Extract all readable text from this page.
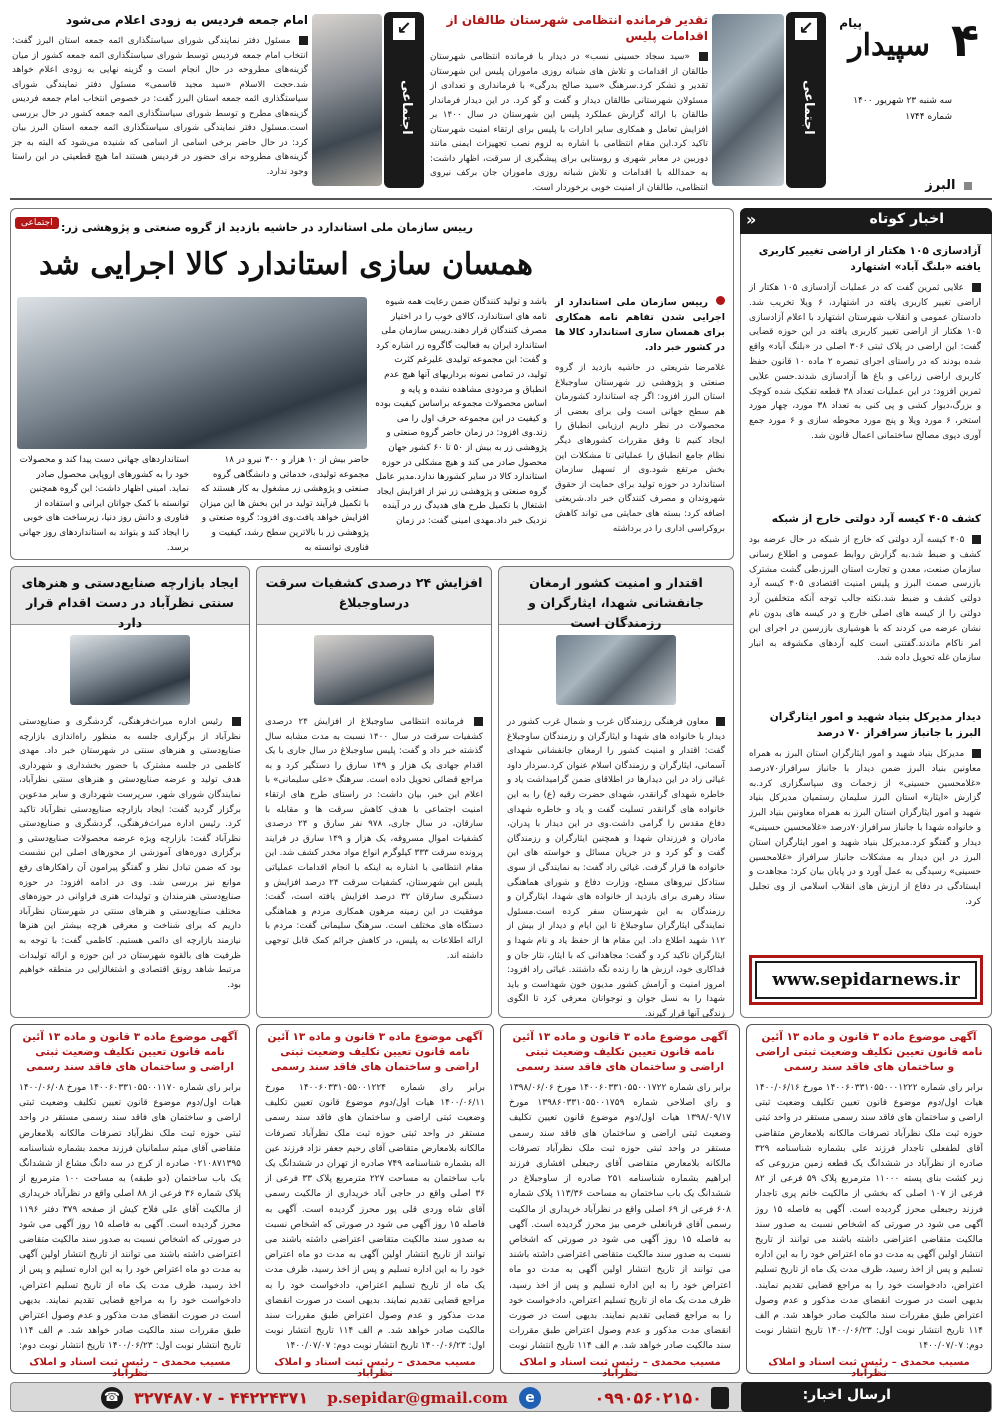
۴
پیام
سپیدار
سه شنبه ۲۳ شهریور ۱۴۰۰
شماره ۱۷۴۴
البرز
↙
اجتماعی
تقدیر فرمانده انتظامی شهرستان طالقان از اقدامات پلیس
«سید سجاد حسینی نسب» در دیدار با فرمانده انتظامی شهرستان طالقان از اقدامات و تلاش های شبانه روزی ماموران پلیس این شهرستان تقدیر و تشکر کرد.سرهنگ «سید صالح بدرگی» با فرمانداری و تعدادی از مسئولان شهرستانی طالقان دیدار و گفت و گو کرد. در این دیدار فرماندار طالقان با ارائه گزارش عملکرد پلیس این شهرستان در سال ۱۴۰۰ بر افزایش تعامل و همکاری سایر ادارات با پلیس برای ارتقاء امنیت شهرستان تاکید کرد.این مقام انتظامی با اشاره به لزوم نصب تجهیزات ایمنی مانند دوربین در معابر شهری و روستایی برای پیشگیری از سرقت، اظهار داشت: به حمدالله با اقدامات و تلاش شبانه روزی ماموران جان برکف نیروی انتظامی، طالقان از امنیت خوبی برخوردار است.
↙
اجتماعی
امام جمعه فردیس به زودی اعلام می‌شود
مسئول دفتر نمایندگی شورای سیاستگذاری ائمه جمعه استان البرز گفت: انتخاب امام جمعه فردیس توسط شورای سیاستگذاری ائمه جمعه کشور از میان گزینه‌های مطروحه در حال انجام است و گزینه نهایی به زودی اعلام خواهد شد.حجت الاسلام «سید مجید قاسمی» مسئول دفتر نمایندگی شورای سیاستگذاری ائمه جمعه استان البرز گفت: در خصوص انتخاب امام جمعه فردیس گزینه‌های مطرح و توسط شورای سیاستگذاری ائمه جمعه کشور در حال بررسی است.مسئول دفتر نمایندگی شورای سیاستگذاری ائمه جمعه استان البرز بیان کرد: در حال حاضر برخی اسامی از اسامی که شنیده می‌شود که البته به جز گزینه‌های مطروحه برای حضور در فردیس هستند اما هیچ قطعیتی در این راستا وجود ندارد.
اخبار کوتاه
«
آزادسازی ۱۰۵ هکتار از اراضی تغییر کاربری یافته «بلنگ آباد» اشتهارد
علایی ثمرین گفت که در عملیات آزادسازی ۱۰۵ هکتار از اراضی تغییر کاربری یافته در اشتهارد، ۶ ویلا تخریب شد. دادستان عمومی و انقلاب شهرستان اشتهارد با اعلام آزادسازی ۱۰۵ هکتار از اراضی تغییر کاربری یافته در این حوزه قضایی گفت: این اراضی در پلاک ثبتی ۳۰۶ اصلی در «بلنگ آباد» واقع شده بودند که در راستای اجرای تبصره ۲ ماده ۱۰ قانون حفظ کاربری اراضی زراعی و باغ ها آزادسازی شدند.حسن علایی ثمرین افزود: در این عملیات تعداد ۳۸ قطعه تفکیک شده کوچک و بزرگ،دیوار کشی و پی کنی به تعداد ۳۸ مورد، چهار مورد استخر، ۶ مورد ویلا و پنج مورد محوطه سازی و ۶ مورد جمع آوری دپوی مصالح ساختمانی اعمال قانون شد.
کشف ۴۰۵ کیسه آرد دولتی خارج از شبکه
۴۰۵ کیسه آرد دولتی که خارج از شبکه در حال عرضه بود کشف و ضبط شد.به گزارش روابط عمومی و اطلاع رسانی سازمان صنعت، معدن و تجارت استان البرز،طی گشت مشترک بازرسی صمت البرز و پلیس امنیت اقتصادی ۴۰۵ کیسه آرد دولتی کشف و ضبط شد.نکته جالب توجه آنکه متخلفین آرد دولتی را از کیسه های اصلی خارج و در کیسه های بدون نام نشان عرضه می کردند که با هوشیاری بازرسین در اجرای این امر ناکام ماندند.گفتنی است کلیه آردهای مکشوفه به انبار سازمان غله تحویل داده شد.
دیدار مدیرکل بنیاد شهید و امور ایثارگران البرز با جانباز سرافراز ۷۰ درصد
مدیرکل بنیاد شهید و امور ایثارگران استان البرز به همراه معاونین بنیاد البرز ضمن دیدار با جانباز سرافراز۷۰درصد «غلامحسین حسینی» از زحمات وی سپاسگزاری کرد.به گزارش «ایثار» استان البرز سلیمان رستمیان مدیرکل بنیاد شهید و امور ایثارگران استان البرز به همراه معاونین بنیاد البرز و خانواده شهدا با جانباز سرافراز۷۰درصد «غلامحسین حسینی» دیدار و گفتگو کرد.مدیرکل بنیاد شهید و امور ایثارگران استان البرز در این دیدار به مشکلات جانباز سرافراز «غلامحسین حسینی» رسیدگی به عمل آورد و در پایان بیان کرد: مجاهدت و ایستادگی در دفاع از ارزش های انقلاب اسلامی از وی تجلیل کرد.
www.sepidarnews.ir
اجتماعی رییس سازمان ملی استاندارد در حاشیه بازدید از گروه صنعتی و پژوهشی زر:
همسان سازی استاندارد کالا اجرایی شد
رییس سازمان ملی استاندارد از اجرایی شدن تفاهم نامه همکاری برای همسان سازی استاندارد کالا ها در کشور خبر داد.
غلامرضا شریعتی در حاشیه بازدید از گروه صنعتی و پژوهشی زر شهرستان ساوجبلاغ استان البرز افزود: اگر چه استاندارد کشورمان هم سطح جهانی است ولی برای بعضی از محصولات در نظر داریم ارزیابی انطباق را ایجاد کنیم تا وفق مقررات کشورهای دیگر نظام جامع انطباق را عملیاتی تا مشکلات این بخش مرتفع شود.وی از تسهیل سازمان استاندارد در حوزه تولید برای حمایت از حقوق شهروندان و مصرف کنندگان خبر داد.شریعتی اضافه کرد: بسته های حمایتی می تواند کاهش بروکراسی اداری را در برداشته
باشد و تولید کنندگان ضمن رعایت همه شیوه نامه های استاندارد، کالای خوب را در اختیار مصرف کنندگان قرار دهند.رییس سازمان ملی استاندارد ایران به فعالیت گاگروه زر اشاره کرد و گفت: این مجموعه تولیدی علیرغم کثرت تولید، در تمامی نمونه برداریهای آنها هیچ عدم انطباق و مردودی مشاهده نشده و پایه و اساس محصولات مجموعه براساس کیفیت بوده و کیفیت در این مجموعه حرف اول را می زند.وی افزود: در زمان حاضر گروه صنعتی و پژوهشی زر به بیش از ۵۰ تا ۶۰ کشور جهان محصول صادر می کند و هیچ مشکلی در حوزه استاندارد کالا در سایر کشورها ندارد.مدیر عامل گروه صنعتی و پژوهشی زر نیز از افزایش ایجاد اشتغال با تکمیل طرح های هدیدگ زر در آینده نزدیک خبر داد.مهدی امینی گفت: در زمان
حاضر بیش از ۱۰ هزار و ۳۰۰ نیرو در ۱۸ مجموعه تولیدی، خدماتی و دانشگاهی گروه صنعتی و پژوهشی زر مشغول به کار هستند که با تکمیل فرآیند تولید در این بخش ها این میزان افزایش خواهد یافت.وی افزود: گروه صنعتی و پژوهشی زر با بالاترین سطح رشد، کیفیت و فناوری توانسته به
استانداردهای جهانی دست پیدا کند و محصولات خود را به کشورهای اروپایی محصول صادر نماید. امینی اظهار داشت: این گروه همچنین توانسته با کمک جوانان ایرانی و استفاده از فناوری و دانش روز دنیا، زیرساخت های خوبی را ایجاد کند و بتواند به استانداردهای روز جهانی برسد.
اقتدار و امنیت کشور ارمغان جانفشانی شهدا، ایثارگران و رزمندگان است
معاون فرهنگی رزمندگان غرب و شمال غرب کشور در دیدار با خانواده های شهدا و ایثارگران و رزمندگان ساوجبلاغ گفت: اقتدار و امنیت کشور را ارمغان جانفشانی شهدای آسمانی، ایثارگران و رزمندگان اسلام عنوان کرد.سردار داود غیاثی راد در این دیدارها در اطلاقای ضمن گرامیداشت یاد و خاطره شهدای گرانقدر، شهدای حضرت رقیه (ع) را به این خانواده های گرانقدر تسلیت گفت و یاد و خاطره شهدای دفاع مقدس را گرامی داشت.وی در این دیدار با پدران، مادران و فرزندان شهدا و همچنین ایثارگران و رزمندگان گفت و گو کرد و در جریان مسائل و خواسته های این خانواده ها قرار گرفت. غیاثی راد گفت: به نمایندگی از سوی ستادکل نیروهای مسلح، وزارت دفاع و شورای هماهنگی ستاد رهبری برای بازدید از خانواده های شهدا، ایثارگران و رزمندگان به این شهرستان سفر کرده است.مسئول نمایندگی ایثارگران ساوجبلاغ تا این ایام و دیدار از بیش از ۱۱۲ شهید اطلاع داد. این مقام ها از حفظ یاد و نام شهدا و ایثارگران تاکید کرد و گفت: مجاهدانی که با ایثار، نثار جان و فداکاری خود، ارزش ها را زنده نگه داشتند. غیاثی راد افزود: امروز امنیت و آرامش کشور مدیون خون شهداست و باید شهدا را به نسل جوان و نوجوانان معرفی کرد تا الگوی زندگی آنها قرار گیرند.
افزایش ۲۴ درصدی کشفیات سرقت درساوجبلاغ
فرمانده انتظامی ساوجبلاغ از افزایش ۲۴ درصدی کشفیات سرقت در سال ۱۴۰۰ نسبت به مدت مشابه سال گذشته خبر داد و گفت: پلیس ساوجبلاغ در سال جاری با یک اقدام جهادی یک هزار و ۱۴۹ سارق را دستگیر کرد و به مراجع قضائی تحویل داده است. سرهنگ «علی سلیمانی» با اعلام این خبر، بیان داشت: در راستای طرح های ارتقاء امنیت اجتماعی با هدف کاهش سرقت ها و مقابله با سارقان، در سال جاری، ۹۷۸ نفر سارق و ۲۴ درصدی کشفیات اموال مسروقه، یک هزار و ۱۴۹ سارق در فرایند پرونده سرقت ۳۳۳ کیلوگرم انواع مواد مخدر کشف شد. این مقام انتظامی با اشاره به اینکه با انجام اقدامات عملیاتی پلیس این شهرستان، کشفیات سرقت ۲۴ درصد افزایش و دستگیری سارقان ۳۲ درصد افزایش یافته است، گفت: موفقیت در این زمینه مرهون همکاری مردم و هماهنگی دستگاه های مختلف است. سرهنگ سلیمانی گفت: مردم با ارائه اطلاعات به پلیس، در کاهش جرائم کمک قابل توجهی داشته اند.
ایجاد بازارچه صنایع‌دستی و هنرهای سنتی نظرآباد در دست اقدام قرار دارد
رئیس اداره میراث‌فرهنگی، گردشگری و صنایع‌دستی نظرآباد از برگزاری جلسه به منظور راه‌اندازی بازارچه صنایع‌دستی و هنرهای سنتی در شهرستان خبر داد. مهدی کاظمی در جلسه مشترک با حضور بخشداری و شهرداری هدف تولید و عرضه صنایع‌دستی و هنرهای سنتی نظرآباد، نمایندگان شورای شهر، سرپرست شهرداری و سایر مدعوین برگزار گردید گفت: ایجاد بازارچه صنایع‌دستی نظرآباد تاکید کرد. رئیس اداره میراث‌فرهنگی، گردشگری و صنایع‌دستی نظرآباد گفت: بازارچه ویژه عرضه محصولات صنایع‌دستی و برگزاری دوره‌های آموزشی از محورهای اصلی این نشست بود که ضمن تبادل نظر و گفتگو پیرامون آن راهکارهای رفع موانع نیز بررسی شد. وی در ادامه افزود: در حوزه صنایع‌دستی هنرمندان و تولیدات هنری فراوانی در حوزه‌های مختلف صنایع‌دستی و هنرهای سنتی در شهرستان نظرآباد داریم که برای شناخت و معرفی هرچه بیشتر این هنرها نیازمند بازارچه ای دائمی هستیم. کاظمی گفت: با توجه به ظرفیت های بالقوه شهرستان در این حوزه و ارائه تولیدات مرتبط شاهد رونق اقتصادی و اشتغالزایی در منطقه خواهیم بود.
آگهی موضوع ماده ۳ قانون و ماده ۱۳ آئین نامه قانون تعیین تکلیف وضعیت ثبتی اراضی و ساختمان های فاقد سند رسمی
برابر رای شماره ۱۴۰۰۶۰۳۳۱۰۵۵۰۰۰۱۲۲۲ مورخ ۱۴۰۰/۰۶/۱۶ هیات اول/دوم موضوع قانون تعیین تکلیف وضعیت ثبتی اراضی و ساختمان های فاقد سند رسمی مستقر در واحد ثبتی حوزه ثبت ملک نظرآباد تصرفات مالکانه بلامعارض متقاضی آقای لطفعلی تاجدار فرزند علی بشماره شناسنامه ۳۲۹ صادره از نظرآباد در ششدانگ یک قطعه زمین مزروعی که زیر کشت بنای پسته ۱۱۰۰۰ مترمربع پلاک ۵۹ فرعی از ۸۲ فرعی از ۱۰۷ اصلی که بخشی از مالکیت خانم پری تاجدار فرزند رجبعلی محرز گردیده است. آگهی به فاصله ۱۵ روز آگهی می شود در صورتی که اشخاص نسبت به صدور سند مالکیت متقاضی اعتراضی داشته باشند می توانند از تاریخ انتشار اولین آگهی به مدت دو ماه اعتراض خود را به این اداره تسلیم و پس از اخذ رسید، ظرف مدت یک ماه از تاریخ تسلیم اعتراض، دادخواست خود را به مراجع قضایی تقدیم نمایند. بدیهی است در صورت انقضای مدت مذکور و عدم وصول اعتراض طبق مقررات سند مالکیت صادر خواهد شد. م الف ۱۱۴ تاریخ انتشار نوبت اول: ۱۴۰۰/۰۶/۲۳ تاریخ انتشار نوبت دوم: ۱۴۰۰/۰۷/۰۷
مسیب محمدی – رئیس ثبت اسناد و املاک نظرآباد
آگهی موضوع ماده ۳ قانون و ماده ۱۳ آئین نامه قانون تعیین تکلیف وضعیت ثبتی اراضی و ساختمان های فاقد سند رسمی
برابر رای شماره ۱۴۰۰۶۰۳۳۱۰۵۵۰۰۱۷۲۲ مورخ ۱۳۹۸/۰۶/۰۶ و رای اصلاحی شماره ۱۳۹۸۶۰۳۳۱۰۵۵۰۰۱۷۵۹ مورخ ۱۳۹۸/۰۹/۱۷ هیات اول/دوم موضوع قانون تعیین تکلیف وضعیت ثبتی اراضی و ساختمان های فاقد سند رسمی مستقر در واحد ثبتی حوزه ثبت ملک نظرآباد تصرفات مالکانه بلامعارض متقاضی آقای رجبعلی افشاری فرزند ابراهیم بشماره شناسنامه ۲۵۱ صادره از ساوجبلاغ در ششدانگ یک باب ساختمان به مساحت ۱۱۳/۳۶ پلاک شماره ۶۰۸ فرعی از ۶۹ اصلی واقع در نظرآباد خریداری از مالکیت رسمی آقای قربانعلی خرمی بیز محرز گردیده است. آگهی به فاصله ۱۵ روز آگهی می شود در صورتی که اشخاص نسبت به صدور سند مالکیت متقاضی اعتراضی داشته باشند می توانند از تاریخ انتشار اولین آگهی به مدت دو ماه اعتراض خود را به این اداره تسلیم و پس از اخذ رسید، ظرف مدت یک ماه از تاریخ تسلیم اعتراض، دادخواست خود را به مراجع قضایی تقدیم نمایند. بدیهی است در صورت انقضای مدت مذکور و عدم وصول اعتراض طبق مقررات سند مالکیت صادر خواهد شد. م الف ۱۱۴ تاریخ انتشار نوبت
مسیب محمدی – رئیس ثبت اسناد و املاک نظرآباد
آگهی موضوع ماده ۳ قانون و ماده ۱۳ آئین نامه قانون تعیین تکلیف وضعیت ثبتی اراضی و ساختمان های فاقد سند رسمی
برابر رای شماره ۱۴۰۰۶۰۳۳۱۰۵۵۰۰۱۲۲۴ مورخ ۱۴۰۰/۰۶/۱۱ هیات اول/دوم موضوع قانون تعیین تکلیف وضعیت ثبتی اراضی و ساختمان های فاقد سند رسمی مستقر در واحد ثبتی حوزه ثبت ملک نظرآباد تصرفات مالکانه بلامعارض متقاضی آقای رحیم جعفر نژاد فرزند عین اله بشماره شناسنامه ۷۴۹ صادره از تهران در ششدانگ یک باب ساختمان به مساحت ۲۲۷ مترمربع پلاک ۳۳ فرعی از ۳۶ اصلی واقع در حاجی آباد خریداری از مالکیت رسمی آقای شاه وردی قلی پور محرز گردیده است. آگهی به فاصله ۱۵ روز آگهی می شود در صورتی که اشخاص نسبت به صدور سند مالکیت متقاضی اعتراضی داشته باشند می توانند از تاریخ انتشار اولین آگهی به مدت دو ماه اعتراض خود را به این اداره تسلیم و پس از اخذ رسید، ظرف مدت یک ماه از تاریخ تسلیم اعتراض، دادخواست خود را به مراجع قضایی تقدیم نمایند. بدیهی است در صورت انقضای مدت مذکور و عدم وصول اعتراض طبق مقررات سند مالکیت صادر خواهد شد. م الف ۱۱۴ تاریخ انتشار نوبت اول: ۱۴۰۰/۰۶/۲۳ تاریخ انتشار نوبت دوم: ۱۴۰۰/۰۷/۰۷
مسیب محمدی – رئیس ثبت اسناد و املاک نظرآباد
آگهی موضوع ماده ۳ قانون و ماده ۱۳ آئین نامه قانون تعیین تکلیف وضعیت ثبتی اراضی و ساختمان های فاقد سند رسمی
برابر رای شماره ۱۴۰۰۶۰۳۳۱۰۵۵۰۰۱۱۷۰ مورخ ۱۴۰۰/۰۶/۰۸ هیات اول/دوم موضوع قانون تعیین تکلیف وضعیت ثبتی اراضی و ساختمان های فاقد سند رسمی مستقر در واحد ثبتی حوزه ثبت ملک نظرآباد تصرفات مالکانه بلامعارض متقاضی آقای میثم سلمانیان فرزند محمد بشماره شناسنامه ۰۲۱۰۸۷۱۳۹۵ صادره از کرج در سه دانگ مشاع از ششدانگ یک باب ساختمان (دو طبقه) به مساحت ۱۰۰ مترمربع از پلاک شماره ۳۶ فرعی از ۸۸ اصلی واقع در نظرآباد خریداری از مالکیت آقای علی فلاح کیش از صفحه ۳۷۹ دفتر ۱۱۹۶ محرز گردیده است. آگهی به فاصله ۱۵ روز آگهی می شود در صورتی که اشخاص نسبت به صدور سند مالکیت متقاضی اعتراضی داشته باشند می توانند از تاریخ انتشار اولین آگهی به مدت دو ماه اعتراض خود را به این اداره تسلیم و پس از اخذ رسید، ظرف مدت یک ماه از تاریخ تسلیم اعتراض، دادخواست خود را به مراجع قضایی تقدیم نمایند. بدیهی است در صورت انقضای مدت مذکور و عدم وصول اعتراض طبق مقررات سند مالکیت صادر خواهد شد. م الف ۱۱۴ تاریخ انتشار نوبت اول: ۱۴۰۰/۰۶/۲۳ تاریخ انتشار نوبت دوم:
مسیب محمدی – رئیس ثبت اسناد و املاک نظرآباد
ارسال اخبار:
۰۹۹۰۵۶۰۲۱۵۰
e p.sepidar@gmail.com
۴۴۲۲۴۳۷۱ - ۳۲۷۴۸۷۰۷ ☎
